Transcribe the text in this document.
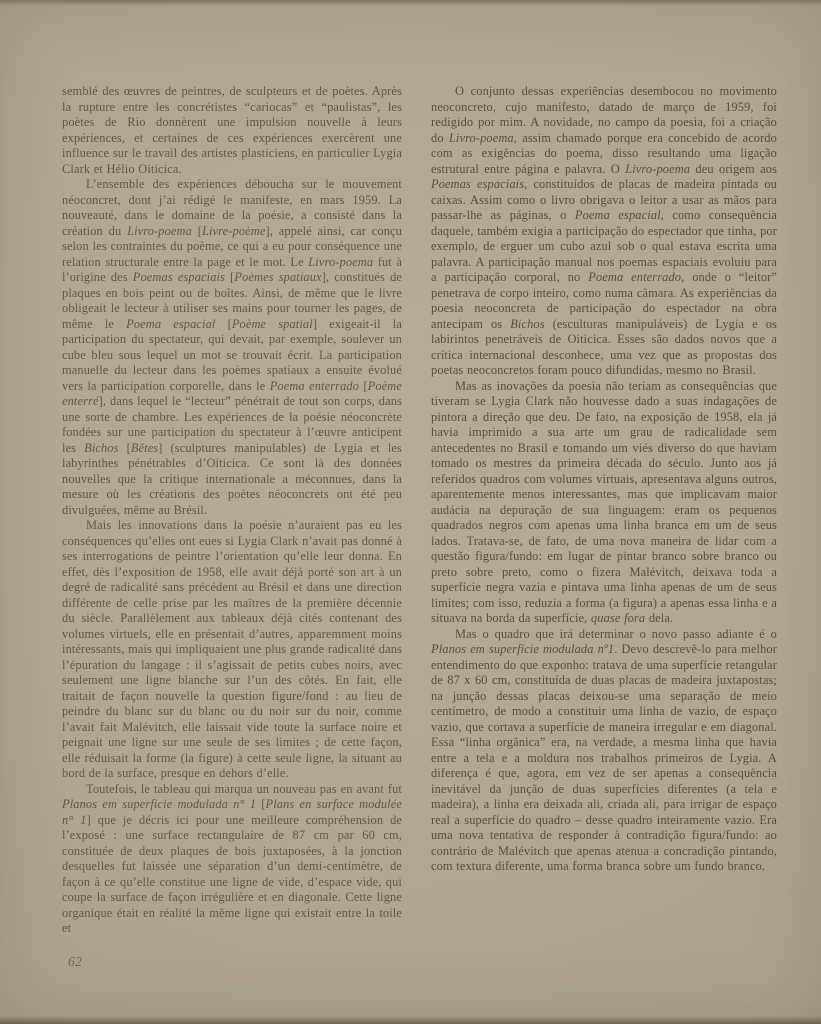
semblé des œuvres de peintres, de sculpteurs et de poètes. Après la rupture entre les concrétistes “cariocas” et “paulistas”, les poètes de Rio donnèrent une impulsion nouvelle à leurs expériences, et certaines de ces expériences exercèrent une influence sur le travail des artistes plasticiens, en particulier Lygia Clark et Hélio Oiticica.

L’ensemble des expériences déboucha sur le mouvement néoconcret, dont j’ai rédigé le manifeste, en mars 1959. La nouveauté, dans le domaine de la poésie, a consisté dans la création du Livro-poema [Livre-poème], appelé ainsi, car conçu selon les contraintes du poème, ce qui a eu pour conséquence une relation structurale entre la page et le mot. Le Livro-poema fut à l’origine des Poemas espaciais [Poèmes spatiaux], constitués de plaques en bois peint ou de boîtes. Ainsi, de même que le livre obligeait le lecteur à utiliser ses mains pour tourner les pages, de même le Poema espacial [Poème spatial] exigeait-il la participation du spectateur, qui devait, par exemple, soulever un cube bleu sous lequel un mot se trouvait écrit. La participation manuelle du lecteur dans les poèmes spatiaux a ensuite évolué vers la participation corporelle, dans le Poema enterrado [Poème enterré], dans lequel le “lecteur” pénétrait de tout son corps, dans une sorte de chambre. Les expériences de la poésie néoconcrète fondées sur une participation du spectateur à l’œuvre anticipent les Bichos [Bêtes] (sculptures manipulables) de Lygia et les labyrinthes pénétrables d’Oiticica. Ce sont là des données nouvelles que la critique internationale a méconnues, dans la mesure où les créations des poètes néoconcrets ont été peu divulguées, même au Brésil.

Mais les innovations dans la poésie n’auraient pas eu les conséquences qu’elles ont eues si Lygia Clark n’avait pas donné à ses interrogations de peintre l’orientation qu’elle leur donna. En effet, dès l’exposition de 1958, elle avait déjà porté son art à un degré de radicalité sans précédent au Brésil et dans une direction différente de celle prise par les maîtres de la première décennie du siècle. Parallèlement aux tableaux déjà cités contenant des volumes virtuels, elle en présentait d’autres, apparemment moins intéressants, mais qui impliquaient une plus grande radicalité dans l’épuration du langage : il s’agissait de petits cubes noirs, avec seulement une ligne blanche sur l’un des côtés. En fait, elle traitait de façon nouvelle la question figure/fond : au lieu de peindre du blanc sur du blanc ou du noir sur du noir, comme l’avait fait Malévitch, elle laissait vide toute la surface noire et peignait une ligne sur une seule de ses limites ; de cette façon, elle réduisait la forme (la figure) à cette seule ligne, la situant au bord de la surface, presque en dehors d’elle.

Toutefois, le tableau qui marqua un nouveau pas en avant fut Planos em superficie modulada n° 1 [Plans en surface modulée n° 1] que je décris ici pour une meilleure compréhension de l’exposé : une surface rectangulaire de 87 cm par 60 cm, constituée de deux plaques de bois juxtaposées, à la jonction desquelles fut laissée une séparation d’un demi-centimètre, de façon à ce qu’elle constitue une ligne de vide, d’espace vide, qui coupe la surface de façon irrégulière et en diagonale. Cette ligne organique était en réalité la même ligne qui existait entre la toile et

O conjunto dessas experiências desembocou no movimento neoconcreto, cujo manifesto, datado de março de 1959, foi redigido por mim. A novidade, no campo da poesia, foi a criação do Livro-poema, assim chamado porque era concebido de acordo com as exigências do poema, disso resultando uma ligação estrutural entre página e palavra. O Livro-poema deu origem aos Poemas espaciais, constituídos de placas de madeira pintada ou caixas. Assim como o livro obrigava o leitor a usar as mãos para passar-lhe as páginas, o Poema espacial, como consequência daquele, também exigia a participação do espectador que tinha, por exemplo, de erguer um cubo azul sob o qual estava escrita uma palavra. A participação manual nos poemas espaciais evoluiu para a participação corporal, no Poema enterrado, onde o “leitor” penetrava de corpo inteiro, como numa câmara. As experiências da poesia neoconcreta de participação do espectador na obra antecipam os Bichos (esculturas manipuláveis) de Lygia e os labirintos penetráveis de Oiticica. Esses são dados novos que a crítica internacional desconhece, uma vez que as propostas dos poetas neoconcretos foram pouco difundidas, mesmo no Brasil.

Mas as inovações da poesia não teriam as consequências que tiveram se Lygia Clark não houvesse dado a suas indagações de pintora a direção que deu. De fato, na exposição de 1958, ela já havia imprimido a sua arte um grau de radicalidade sem antecedentes no Brasil e tomando um viés diverso do que haviam tomado os mestres da primeira década do século. Junto aos já referidos quadros com volumes virtuais, apresentava alguns outros, aparentemente menos interessantes, mas que implicavam maior audácia na depuração de sua linguagem: eram os pequenos quadrados negros com apenas uma linha branca em um de seus lados. Tratava-se, de fato, de uma nova maneira de lidar com a questão figura/fundo: em lugar de pintar branco sobre branco ou preto sobre preto, como o fizera Malévitch, deixava toda a superfície negra vazia e pintava uma linha apenas de um de seus limites; com isso, reduzia a forma (a figura) a apenas essa linha e a situava na borda da superfície, quase fora dela.

Mas o quadro que irá determinar o novo passo adiante é o Planos em superfície modulada nº1. Devo descrevê-lo para melhor entendimento do que exponho: tratava de uma superfície retangular de 87 x 60 cm, constituída de duas placas de madeira juxtapostas; na junção dessas placas deixou-se uma separação de meio centímetro, de modo a constituir uma linha de vazio, de espaço vazio, que cortava a superfície de maneira irregular e em diagonal. Essa “linha orgânica” era, na verdade, a mesma linha que havia entre a tela e a moldura nos trabalhos primeiros de Lygia. A diferença é que, agora, em vez de ser apenas a consequência inevitável da junção de duas superfícies diferentes (a tela e madeira), a linha era deixada ali, criada ali, para irrigar de espaço real a superfície do quadro – desse quadro inteiramente vazio. Era uma nova tentativa de responder à contradição figura/fundo: ao contrário de Malévitch que apenas atenua a concradição pintando, com textura diferente, uma forma branca sobre um fundo branco,

62
